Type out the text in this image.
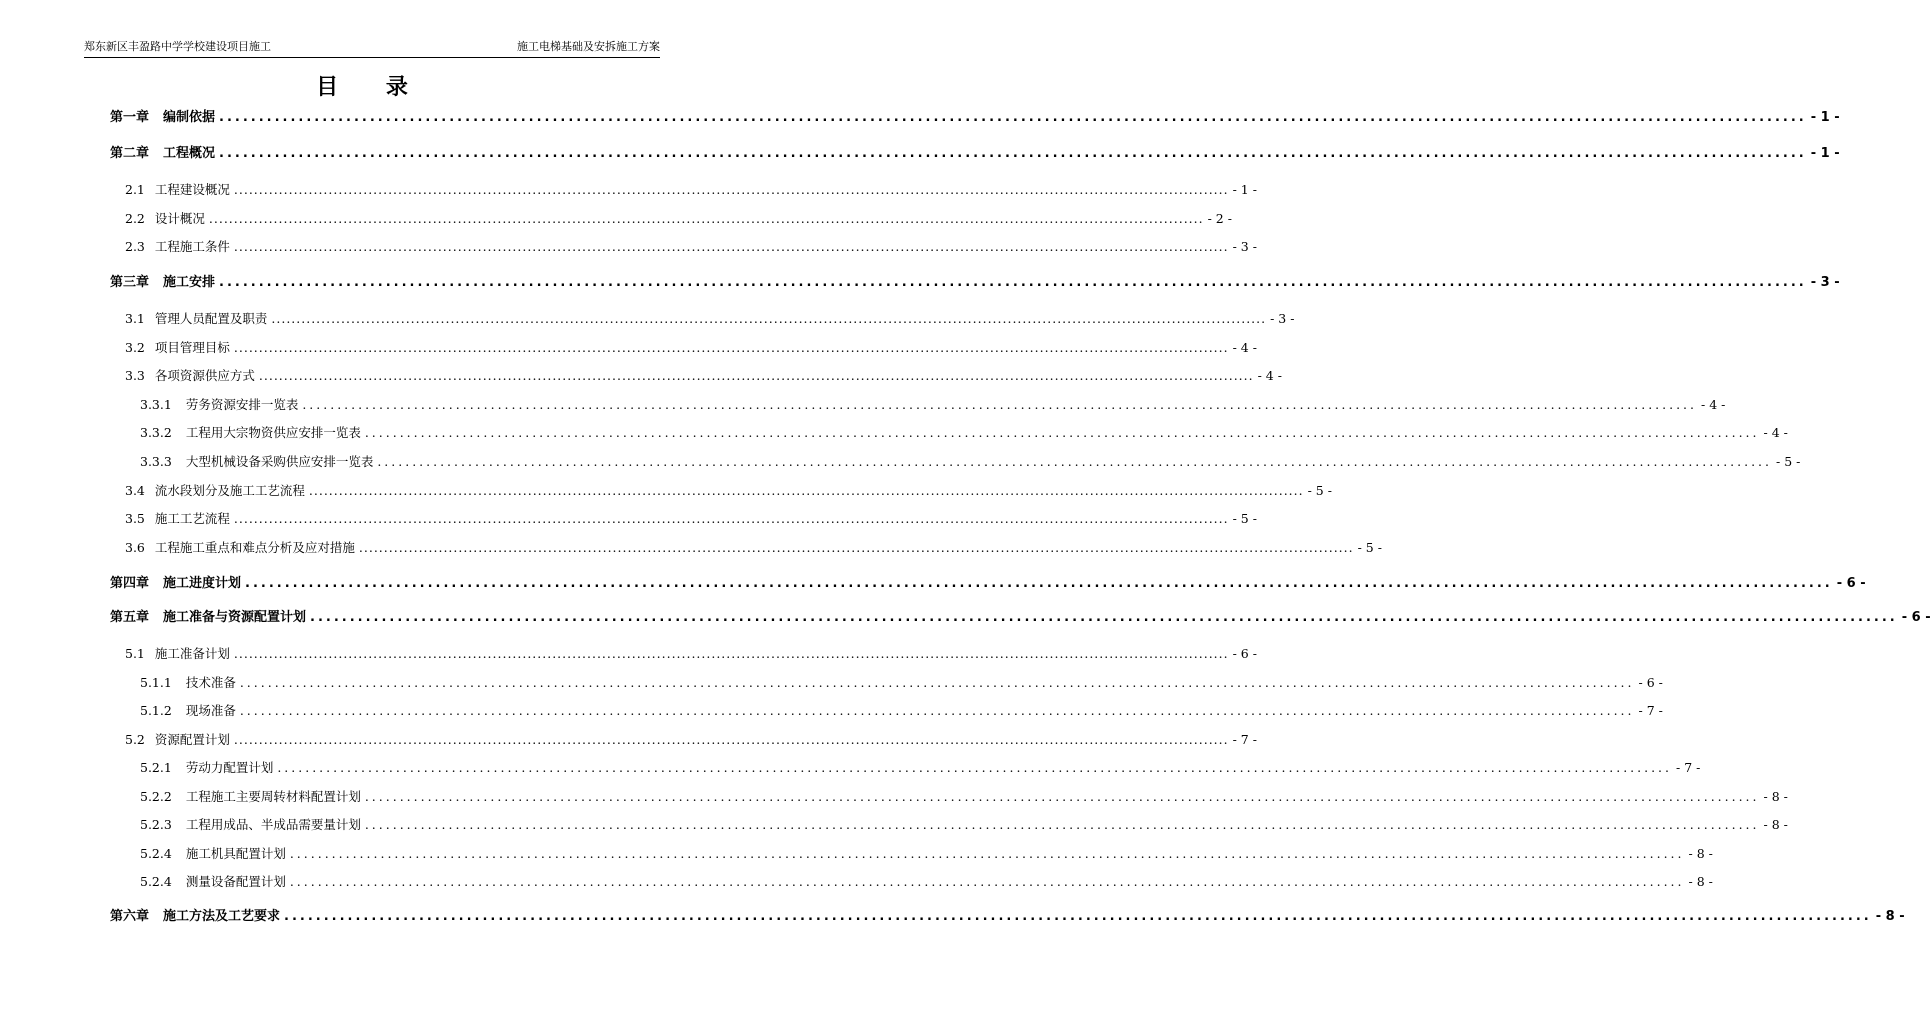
郑东新区丰盈路中学学校建设项目施工	施工电梯基础及安拆施工方案
目 录
第一章 编制依据 ........................................................................................................................................................................................................ - 1 -
第二章 工程概况 ........................................................................................................................................................................................................ - 1 -
2.1 工程建设概况 ........................................................................................................................................................................................................ - 1 -
2.2 设计概况 ........................................................................................................................................................................................................ - 2 -
2.3 工程施工条件 ........................................................................................................................................................................................................ - 3 -
第三章 施工安排 ........................................................................................................................................................................................................ - 3 -
3.1 管理人员配置及职责 ........................................................................................................................................................................................................ - 3 -
3.2 项目管理目标 ........................................................................................................................................................................................................ - 4 -
3.3 各项资源供应方式 ........................................................................................................................................................................................................ - 4 -
3.3.1 劳务资源安排一览表 ........................................................................................................................................................................................................ - 4 -
3.3.2 工程用大宗物资供应安排一览表 ........................................................................................................................................................................................................ - 4 -
3.3.3 大型机械设备采购供应安排一览表 ........................................................................................................................................................................................................ - 5 -
3.4 流水段划分及施工工艺流程 ........................................................................................................................................................................................................ - 5 -
3.5 施工工艺流程 ........................................................................................................................................................................................................ - 5 -
3.6 工程施工重点和难点分析及应对措施 ........................................................................................................................................................................................................ - 5 -
第四章 施工进度计划 ........................................................................................................................................................................................................ - 6 -
第五章 施工准备与资源配置计划 ........................................................................................................................................................................................................ - 6 -
5.1 施工准备计划 ........................................................................................................................................................................................................ - 6 -
5.1.1 技术准备 ........................................................................................................................................................................................................ - 6 -
5.1.2 现场准备 ........................................................................................................................................................................................................ - 7 -
5.2 资源配置计划 ........................................................................................................................................................................................................ - 7 -
5.2.1 劳动力配置计划 ........................................................................................................................................................................................................ - 7 -
5.2.2 工程施工主要周转材料配置计划 ........................................................................................................................................................................................................ - 8 -
5.2.3 工程用成品、半成品需要量计划 ........................................................................................................................................................................................................ - 8 -
5.2.4 施工机具配置计划 ........................................................................................................................................................................................................ - 8 -
5.2.4 测量设备配置计划 ........................................................................................................................................................................................................ - 8 -
第六章 施工方法及工艺要求 ........................................................................................................................................................................................................ - 8 -
